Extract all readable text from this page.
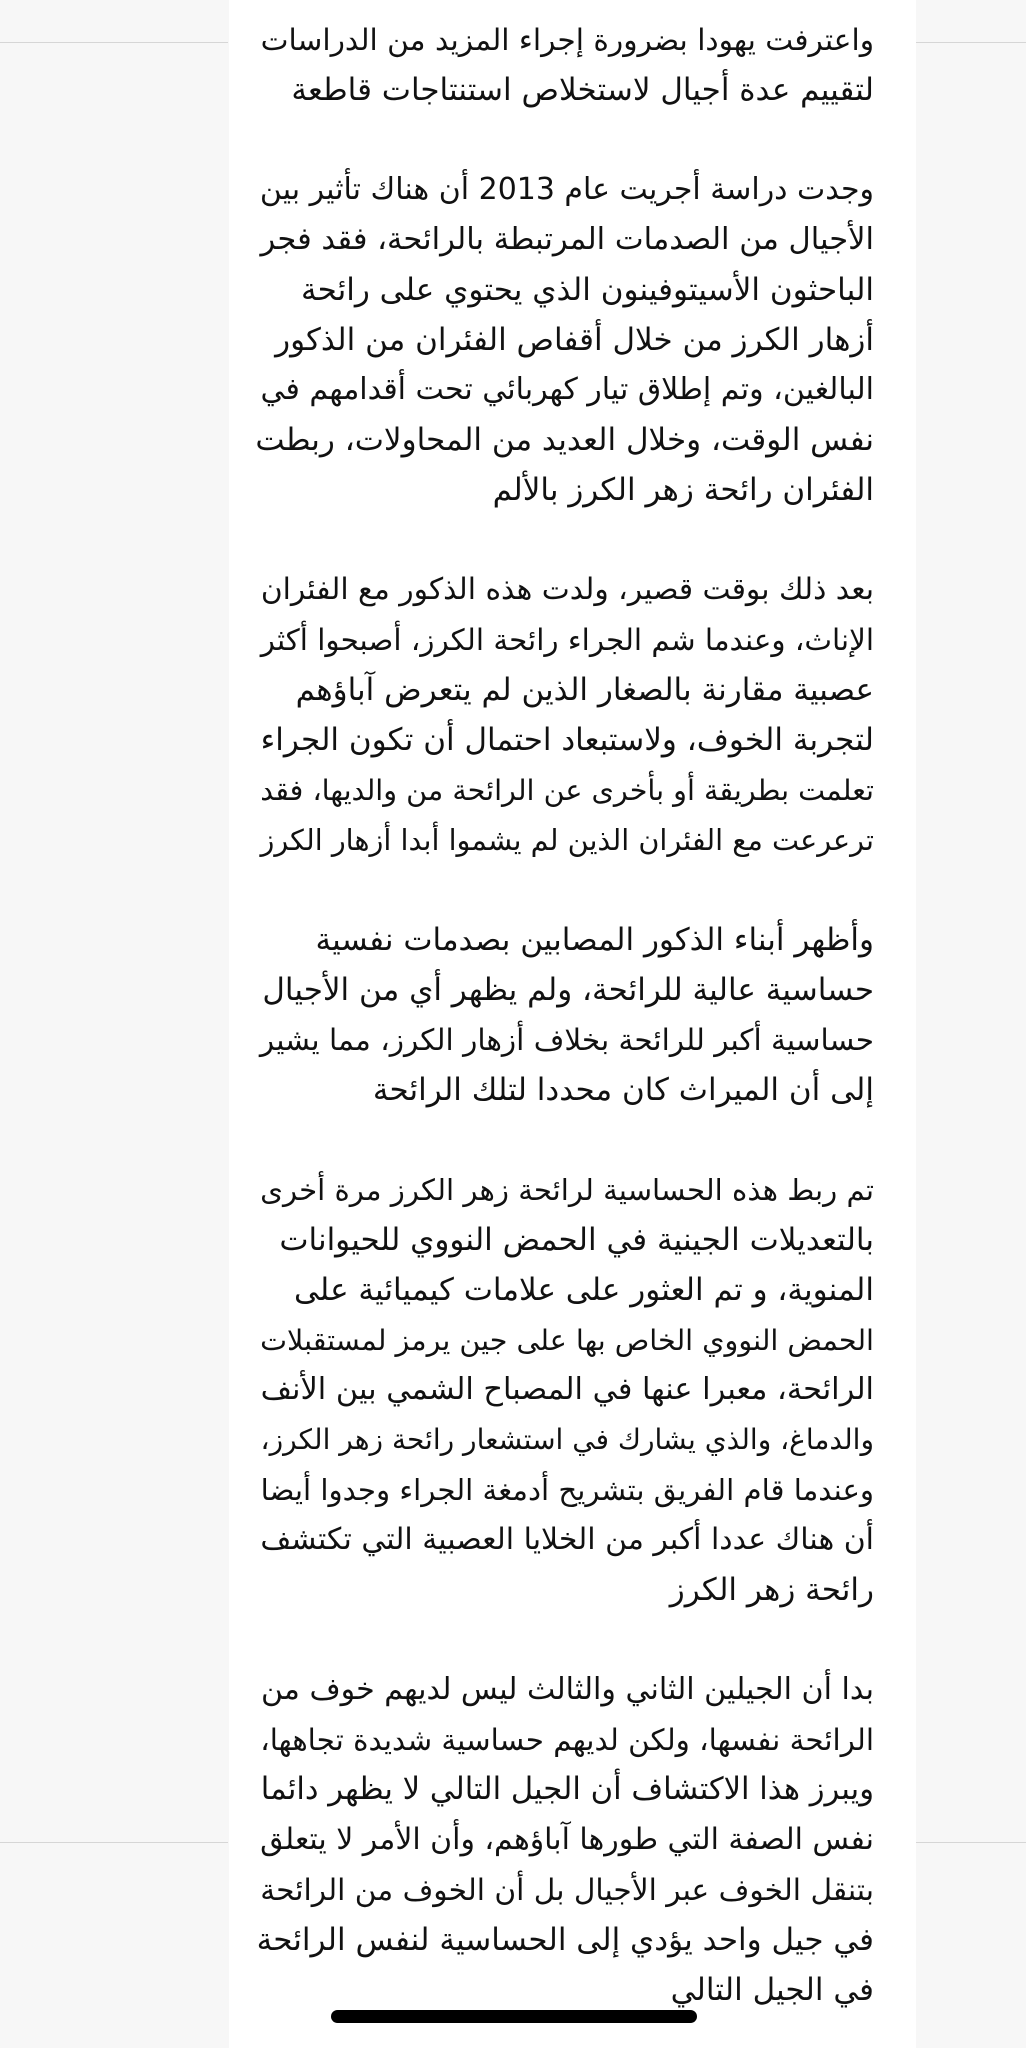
واعترفت يهودا بضرورة إجراء المزيد من الدراسات
لتقييم عدة أجيال لاستخلاص استنتاجات قاطعة

وجدت دراسة أجريت عام 2013 أن هناك تأثير بين
الأجيال من الصدمات المرتبطة بالرائحة، فقد فجر
الباحثون الأسيتوفينون الذي يحتوي على رائحة
أزهار الكرز من خلال أقفاص الفئران من الذكور
البالغين، وتم إطلاق تيار كهربائي تحت أقدامهم في
نفس الوقت، وخلال العديد من المحاولات، ربطت
الفئران رائحة زهر الكرز بالألم

بعد ذلك بوقت قصير، ولدت هذه الذكور مع الفئران
الإناث، وعندما شم الجراء رائحة الكرز، أصبحوا أكثر
عصبية مقارنة بالصغار الذين لم يتعرض آباؤهم
لتجربة الخوف، ولاستبعاد احتمال أن تكون الجراء
تعلمت بطريقة أو بأخرى عن الرائحة من والديها، فقد
ترعرعت مع الفئران الذين لم يشموا أبدا أزهار الكرز

وأظهر أبناء الذكور المصابين بصدمات نفسية
حساسية عالية للرائحة، ولم يظهر أي من الأجيال
حساسية أكبر للرائحة بخلاف أزهار الكرز، مما يشير
إلى أن الميراث كان محددا لتلك الرائحة

تم ربط هذه الحساسية لرائحة زهر الكرز مرة أخرى
بالتعديلات الجينية في الحمض النووي للحيوانات
المنوية، و تم العثور على علامات كيميائية على
الحمض النووي الخاص بها على جين يرمز لمستقبلات
الرائحة، معبرا عنها في المصباح الشمي بين الأنف
والدماغ، والذي يشارك في استشعار رائحة زهر الكرز،
وعندما قام الفريق بتشريح أدمغة الجراء وجدوا أيضا
أن هناك عددا أكبر من الخلايا العصبية التي تكتشف
رائحة زهر الكرز

بدا أن الجيلين الثاني والثالث ليس لديهم خوف من
الرائحة نفسها، ولكن لديهم حساسية شديدة تجاهها،
ويبرز هذا الاكتشاف أن الجيل التالي لا يظهر دائما
نفس الصفة التي طورها آباؤهم، وأن الأمر لا يتعلق
بتنقل الخوف عبر الأجيال بل أن الخوف من الرائحة
في جيل واحد يؤدي إلى الحساسية لنفس الرائحة
في الجيل التالي
